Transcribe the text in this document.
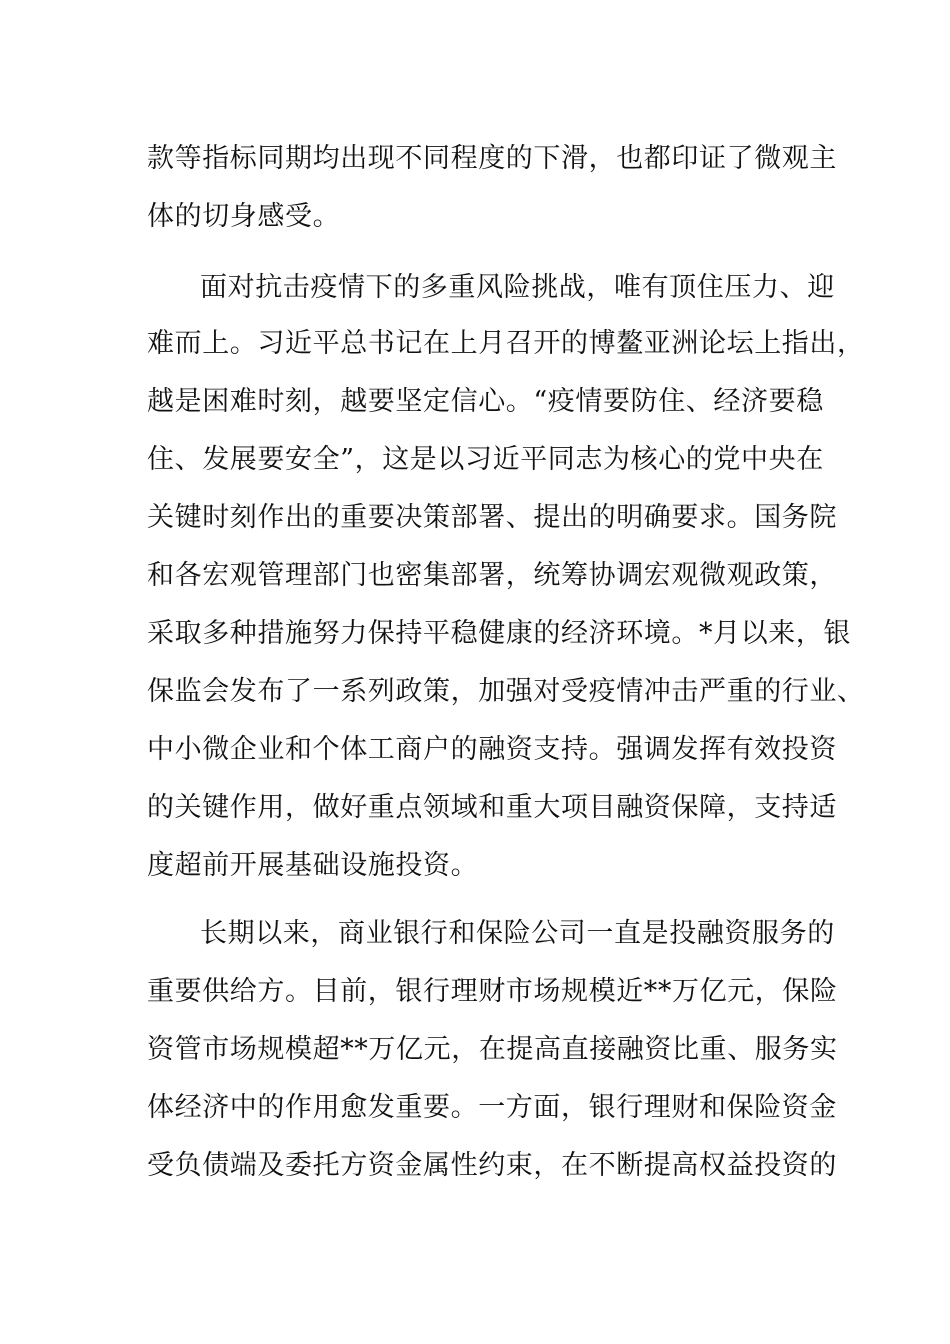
款等指标同期均出现不同程度的下滑，也都印证了微观主
体的切身感受。
面对抗击疫情下的多重风险挑战，唯有顶住压力、迎
难而上。习近平总书记在上月召开的博鳌亚洲论坛上指出，
越是困难时刻，越要坚定信心。“疫情要防住、经济要稳
住、发展要安全”，这是以习近平同志为核心的党中央在
关键时刻作出的重要决策部署、提出的明确要求。国务院
和各宏观管理部门也密集部署，统筹协调宏观微观政策，
采取多种措施努力保持平稳健康的经济环境。*月以来，银
保监会发布了一系列政策，加强对受疫情冲击严重的行业、
中小微企业和个体工商户的融资支持。强调发挥有效投资
的关键作用，做好重点领域和重大项目融资保障，支持适
度超前开展基础设施投资。
长期以来，商业银行和保险公司一直是投融资服务的
重要供给方。目前，银行理财市场规模近**万亿元，保险
资管市场规模超**万亿元，在提高直接融资比重、服务实
体经济中的作用愈发重要。一方面，银行理财和保险资金
受负债端及委托方资金属性约束，在不断提高权益投资的
